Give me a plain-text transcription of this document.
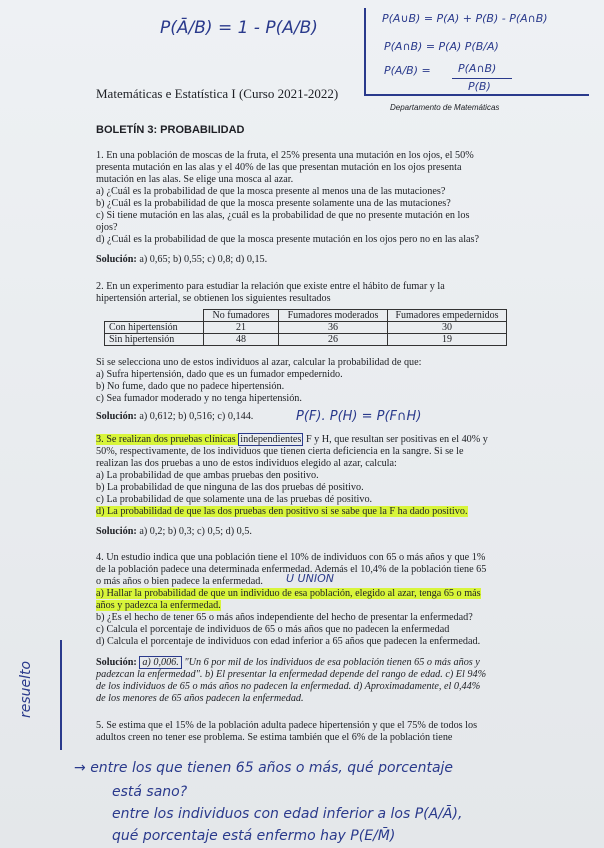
P(Ā/B) = 1 - P(A/B)	P(A∪B) = P(A) + P(B) - P(A∩B)
P(A∩B) = P(A) P(B/A)
P(A/B) = P(A∩B)
P(B)
Matemáticas e Estatística I (Curso 2021-2022)
Departamento de Matemáticas
BOLETÍN 3: PROBABILIDAD
1. En una población de moscas de la fruta, el 25% presenta una mutación en los ojos, el 50%
presenta mutación en las alas y el 40% de las que presentan mutación en los ojos presenta
mutación en las alas. Se elige una mosca al azar.
a) ¿Cuál es la probabilidad de que la mosca presente al menos una de las mutaciones?
b) ¿Cuál es la probabilidad de que la mosca presente solamente una de las mutaciones?
c) Si tiene mutación en las alas, ¿cuál es la probabilidad de que no presente mutación en los
ojos?
d) ¿Cuál es la probabilidad de que la mosca presente mutación en los ojos pero no en las alas?
Solución: a) 0,65; b) 0,55; c) 0,8; d) 0,15.
2. En un experimento para estudiar la relación que existe entre el hábito de fumar y la
hipertensión arterial, se obtienen los siguientes resultados
	No fumadores	Fumadores moderados	Fumadores empedernidos
Con hipertensión	21	36	30
Sin hipertensión	48	26	19
Si se selecciona uno de estos individuos al azar, calcular la probabilidad de que:
a) Sufra hipertensión, dado que es un fumador empedernido.
b) No fume, dado que no padece hipertensión.
c) Sea fumador moderado y no tenga hipertensión.
Solución: a) 0,612; b) 0,516; c) 0,144.	P(F). P(H) = P(F∩H)
3. Se realizan dos pruebas clínicas independientes F y H, que resultan ser positivas en el 40% y
50%, respectivamente, de los individuos que tienen cierta deficiencia en la sangre. Si se le
realizan las dos pruebas a uno de estos individuos elegido al azar, calcula:
a) La probabilidad de que ambas pruebas den positivo.
b) La probabilidad de que ninguna de las dos pruebas dé positivo.
c) La probabilidad de que solamente una de las pruebas dé positivo.
d) La probabilidad de que las dos pruebas den positivo si se sabe que la F ha dado positivo.
Solución: a) 0,2; b) 0,3; c) 0,5; d) 0,5.
4. Un estudio indica que una población tiene el 10% de individuos con 65 o más años y que 1%
de la población padece una determinada enfermedad. Además el 10,4% de la población tiene 65
o más años o bien padece la enfermedad. U UNION
a) Hallar la probabilidad de que un individuo de esa población, elegido al azar, tenga 65 o más
años y padezca la enfermedad.
b) ¿Es el hecho de tener 65 o más años independiente del hecho de presentar la enfermedad?
c) Calcula el porcentaje de individuos de 65 o más años que no padecen la enfermedad
d) Calcula el porcentaje de individuos con edad inferior a 65 años que padecen la enfermedad.
Solución: a) 0,006. "Un 6 por mil de los individuos de esa población tienen 65 o más años y
padezcan la enfermedad". b) El presentar la enfermedad depende del rango de edad. c) El 94%
de los individuos de 65 o más años no padecen la enfermedad. d) Aproximadamente, el 0,44%
de los menores de 65 años padecen la enfermedad.
resuelto
5. Se estima que el 15% de la población adulta padece hipertensión y que el 75% de todos los
adultos creen no tener ese problema. Se estima también que el 6% de la población tiene
→ entre los que tienen 65 años o más, qué porcentaje
está sano?
entre los individuos con edad inferior a los P(A/Ā),
qué porcentaje está enfermo hay P(E/M̄)
